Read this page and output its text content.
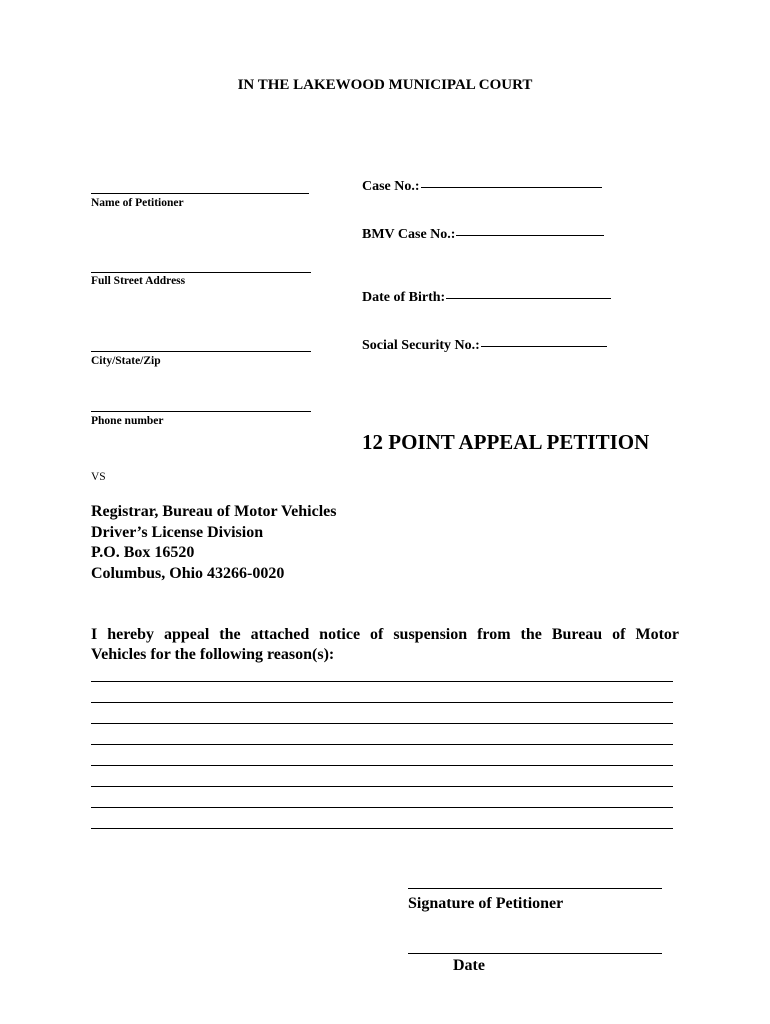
IN THE LAKEWOOD MUNICIPAL COURT
Name of Petitioner
Full Street Address
City/State/Zip
Phone number
Case No.:
BMV Case No.:
Date of Birth:
Social Security No.:
12 POINT APPEAL PETITION
VS
Registrar, Bureau of Motor Vehicles
Driver’s License Division
P.O. Box 16520
Columbus, Ohio 43266-0020
I hereby appeal the attached notice of suspension from the Bureau of Motor
Vehicles for the following reason(s):
Signature of Petitioner
Date
